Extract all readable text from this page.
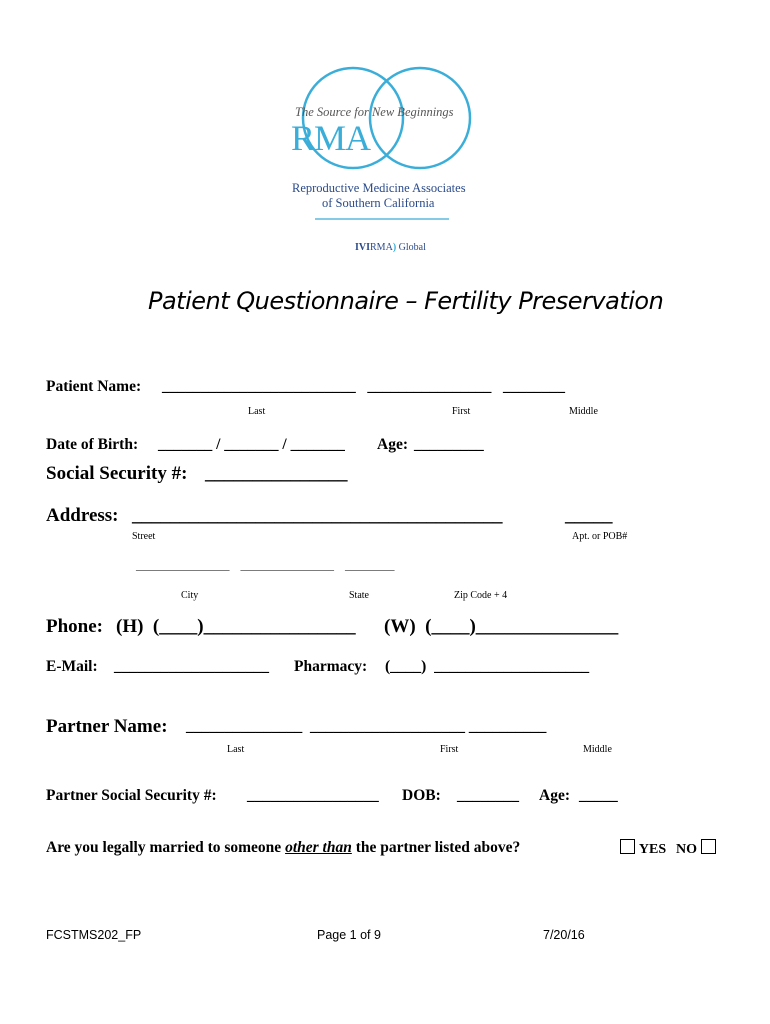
The Source for New Beginnings
RMA
Reproductive Medicine Associates
of Southern California

IVIRMA) Global

Patient Questionnaire – Fertility Preservation
Patient Name: _________________________   ________________   ________
Last	First	Middle
Date of Birth: _______ / _______ / _______ Age: _________
Social Security #: _______________
Address: _______________________________________	_____
Street	Apt. or POB#
_________________    _________________    _________
City	State	Zip Code + 4
Phone: (H)  (____)________________ (W)  (____)_______________
E-Mail: ____________________ Pharmacy: (____)  ____________________
Partner Name: _______________  ____________________ __________
Last	First	Middle
Partner Social Security #: _________________ DOB: ________ Age: _____
Are you legally married to someone other than the partner listed above?	YES NO
FCSTMS202_FP	Page 1 of 9	7/20/16
